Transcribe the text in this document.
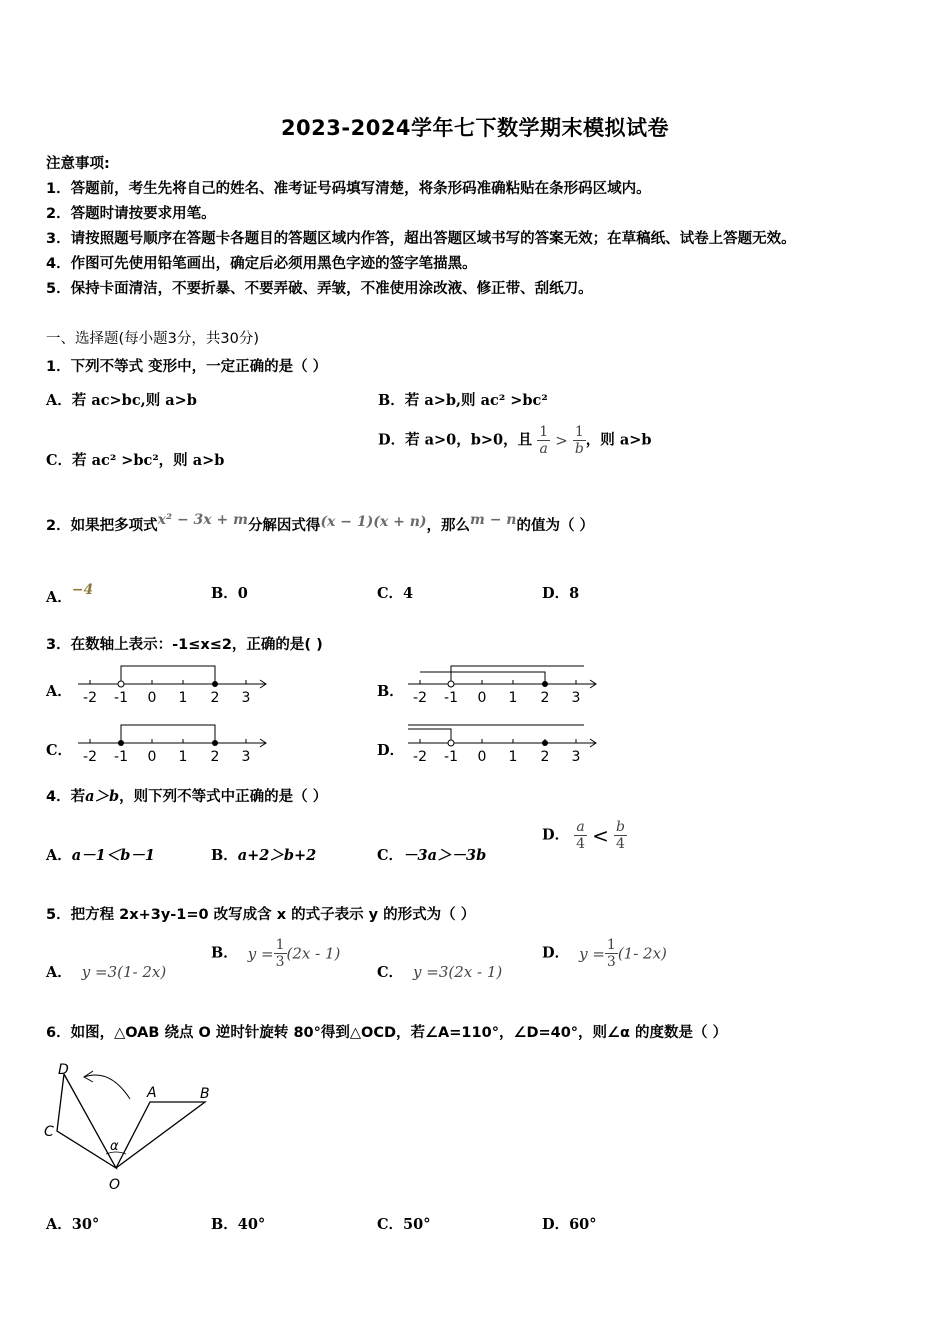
2023-2024学年七下数学期末模拟试卷
注意事项:
1．答题前，考生先将自己的姓名、准考证号码填写清楚，将条形码准确粘贴在条形码区域内。
2．答题时请按要求用笔。
3．请按照题号顺序在答题卡各题目的答题区域内作答，超出答题区域书写的答案无效；在草稿纸、试卷上答题无效。
4．作图可先使用铅笔画出，确定后必须用黑色字迹的签字笔描黑。
5．保持卡面清洁，不要折暴、不要弄破、弄皱，不准使用涂改液、修正带、刮纸刀。
一、选择题(每小题3分，共30分)
1．下列不等式 变形中，一定正确的是（ ）
A．若 ac>bc,则 a>b	B．若 a>b,则 ac² >bc²
C．若 ac² >bc²，则 a>b
D．若 a>0，b>0，且 $\frac{1}{a} > \frac{1}{b}$ ，则 a>b
2．如果把多项式x² − 3x + m分解因式得(x − 1)(x + n)，那么m − n的值为（ ）
A．−4	B．0	C．4	D．8
3．在数轴上表示：-1≤x≤2，正确的是( )
A． -2 -1 0 1 2 3	B． -2 -1 0 1 2 3
C． -2 -1 0 1 2 3	D． -2 -1 0 1 2 3
4．若a＞b，则下列不等式中正确的是（ ）
A．a－1＜b－1	B．a+2＞b+2	C．－3a＞－3b
D． $\frac{a}{4} < \frac{b}{4}$
5．把方程 2x+3y-1=0 改写成含 x 的式子表示 y 的形式为（ ）
A． y =3(1- 2x)
B． $y = \frac{1}{3} (2x - 1)$
C． y =3(2x - 1)
D． $y = \frac{1}{3} (1-$ 2x)
6．如图，△OAB 绕点 O 逆时针旋转 80°得到△OCD，若∠A=110°，∠D=40°，则∠α 的度数是（ ）
D
A	B
C
O
α
A．30°	B．40°	C．50°	D．60°
